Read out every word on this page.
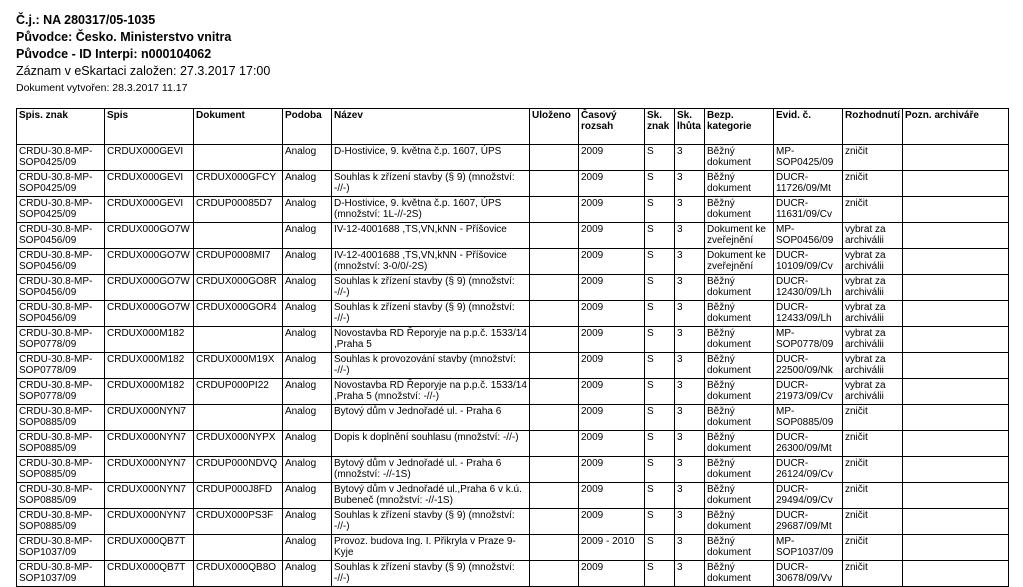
Č.j.: NA 280317/05-1035
Původce: Česko. Ministerstvo vnitra
Původce - ID Interpi: n000104062
Záznam v eSkartaci založen: 27.3.2017 17:00
Dokument vytvořen: 28.3.2017 11.17
Spis. znak	Spis	Dokument	Podoba	Název	Uloženo	Časový rozsah	Sk. znak	Sk. lhůta	Bezp. kategorie	Evid. č.	Rozhodnutí	Pozn. archiváře
CRDU-30.8-MP-SOP0425/09	CRDUX000GEVI		Analog	D-Hostivice, 9. května č.p. 1607, ÚPS		2009	S	3	Běžný dokument	MP-SOP0425/09	zničit	
CRDU-30.8-MP-SOP0425/09	CRDUX000GEVI	CRDUX000GFCY	Analog	Souhlas k zřízení stavby (§ 9) (množství: -//-)		2009	S	3	Běžný dokument	DUCR-11726/09/Mt	zničit	
CRDU-30.8-MP-SOP0425/09	CRDUX000GEVI	CRDUP00085D7	Analog	D-Hostivice, 9. května č.p. 1607, ÚPS (množství: 1L-//-2S)		2009	S	3	Běžný dokument	DUCR-11631/09/Cv	zničit	
CRDU-30.8-MP-SOP0456/09	CRDUX000GO7W		Analog	IV-12-4001688 ,TS,VN,kNN - Příšovice		2009	S	3	Dokument ke zveřejnění	MP-SOP0456/09	vybrat za archiválii	
CRDU-30.8-MP-SOP0456/09	CRDUX000GO7W	CRDUP0008MI7	Analog	IV-12-4001688 ,TS,VN,kNN - Příšovice (množství: 3-0/0/-2S)		2009	S	3	Dokument ke zveřejnění	DUCR-10109/09/Cv	vybrat za archiválii	
CRDU-30.8-MP-SOP0456/09	CRDUX000GO7W	CRDUX000GO8R	Analog	Souhlas k zřízení stavby (§ 9) (množství: -//-)		2009	S	3	Běžný dokument	DUCR-12430/09/Lh	vybrat za archiválii	
CRDU-30.8-MP-SOP0456/09	CRDUX000GO7W	CRDUX000GOR4	Analog	Souhlas k zřízení stavby (§ 9) (množství: -//-)		2009	S	3	Běžný dokument	DUCR-12433/09/Lh	vybrat za archiválii	
CRDU-30.8-MP-SOP0778/09	CRDUX000M182		Analog	Novostavba RD Řeporyje na p.p.č. 1533/14 ,Praha 5		2009	S	3	Běžný dokument	MP-SOP0778/09	vybrat za archiválii	
CRDU-30.8-MP-SOP0778/09	CRDUX000M182	CRDUX000M19X	Analog	Souhlas k provozování stavby (množství: -//-)		2009	S	3	Běžný dokument	DUCR-22500/09/Nk	vybrat za archiválii	
CRDU-30.8-MP-SOP0778/09	CRDUX000M182	CRDUP000PI22	Analog	Novostavba RD Řeporyje na p.p.č. 1533/14 ,Praha 5 (množství: -//-)		2009	S	3	Běžný dokument	DUCR-21973/09/Cv	vybrat za archiválii	
CRDU-30.8-MP-SOP0885/09	CRDUX000NYN7		Analog	Bytový dům v Jednořadé ul. - Praha 6		2009	S	3	Běžný dokument	MP-SOP0885/09	zničit	
CRDU-30.8-MP-SOP0885/09	CRDUX000NYN7	CRDUX000NYPX	Analog	Dopis k doplnění souhlasu (množství: -//-)		2009	S	3	Běžný dokument	DUCR-26300/09/Mt	zničit	
CRDU-30.8-MP-SOP0885/09	CRDUX000NYN7	CRDUP000NDVQ	Analog	Bytový dům v Jednořadé ul. - Praha 6 (množství: -//-1S)		2009	S	3	Běžný dokument	DUCR-26124/09/Cv	zničit	
CRDU-30.8-MP-SOP0885/09	CRDUX000NYN7	CRDUP000J8FD	Analog	Bytový dům v Jednořadé ul.,Praha 6 v k.ú. Bubeneč (množství: -//-1S)		2009	S	3	Běžný dokument	DUCR-29494/09/Cv	zničit	
CRDU-30.8-MP-SOP0885/09	CRDUX000NYN7	CRDUX000PS3F	Analog	Souhlas k zřízení stavby (§ 9) (množství: -//-)		2009	S	3	Běžný dokument	DUCR-29687/09/Mt	zničit	
CRDU-30.8-MP-SOP1037/09	CRDUX000QB7T		Analog	Provoz. budova Ing. I. Přikryla v Praze 9-Kyje		2009 - 2010	S	3	Běžný dokument	MP-SOP1037/09	zničit	
CRDU-30.8-MP-SOP1037/09	CRDUX000QB7T	CRDUX000QB8O	Analog	Souhlas k zřízení stavby (§ 9) (množství: -//-)		2009	S	3	Běžný dokument	DUCR-30678/09/Vv	zničit	
